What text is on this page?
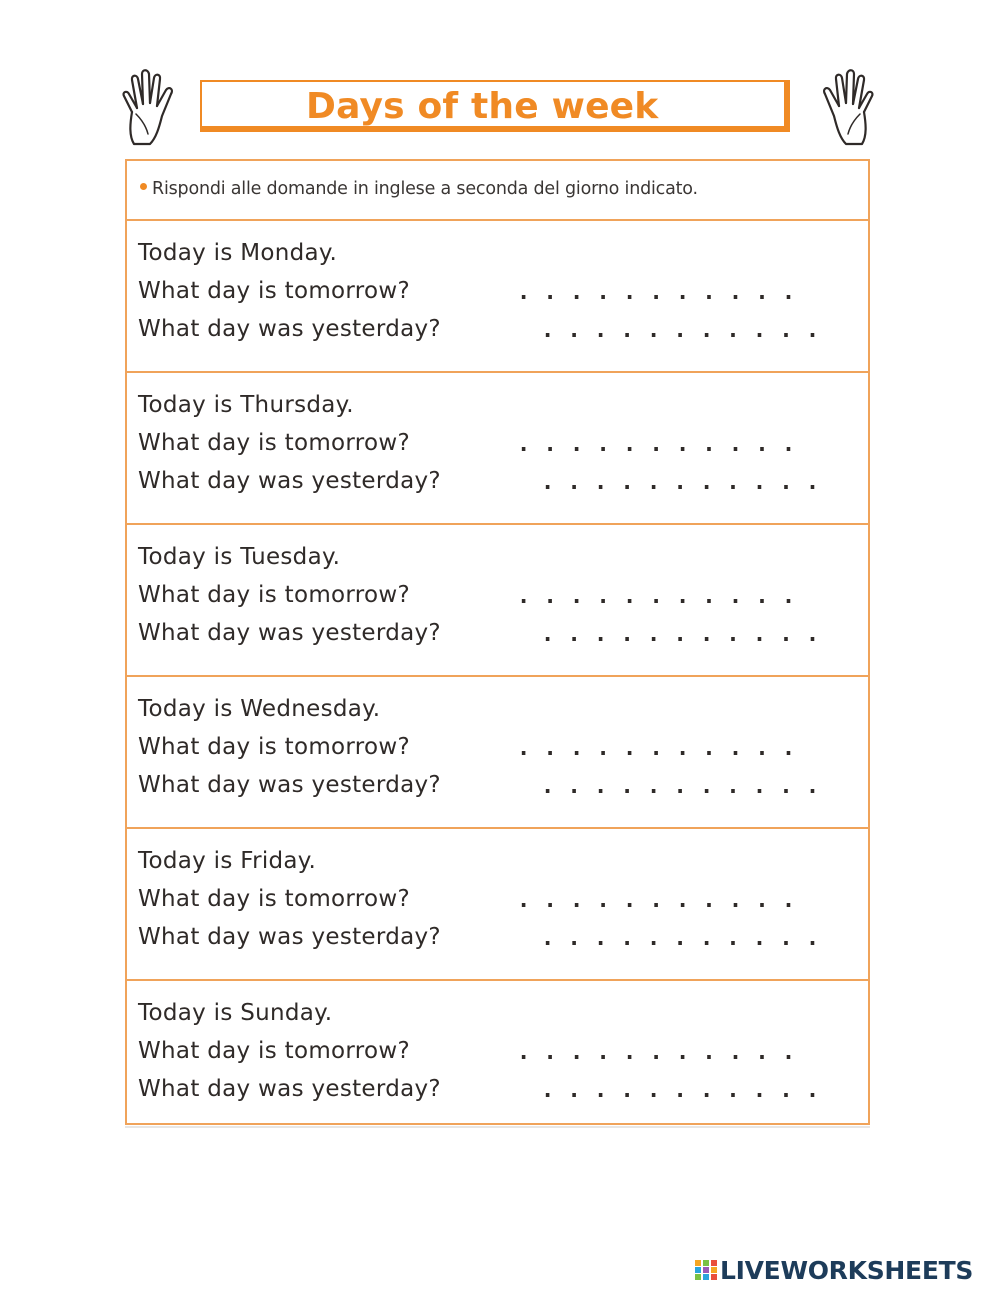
Days of the week
Rispondi alle domande in inglese a seconda del giorno indicato.
Today is Monday.
What day is tomorrow?	. . . . . . . . . . .
What day was yesterday?	. . . . . . . . . . .
Today is Thursday.
What day is tomorrow?	. . . . . . . . . . .
What day was yesterday?	. . . . . . . . . . .
Today is Tuesday.
What day is tomorrow?	. . . . . . . . . . .
What day was yesterday?	. . . . . . . . . . .
Today is Wednesday.
What day is tomorrow?	. . . . . . . . . . .
What day was yesterday?	. . . . . . . . . . .
Today is Friday.
What day is tomorrow?	. . . . . . . . . . .
What day was yesterday?	. . . . . . . . . . .
Today is Sunday.
What day is tomorrow?	. . . . . . . . . . .
What day was yesterday?	. . . . . . . . . . .
LIVEWORKSHEETS
